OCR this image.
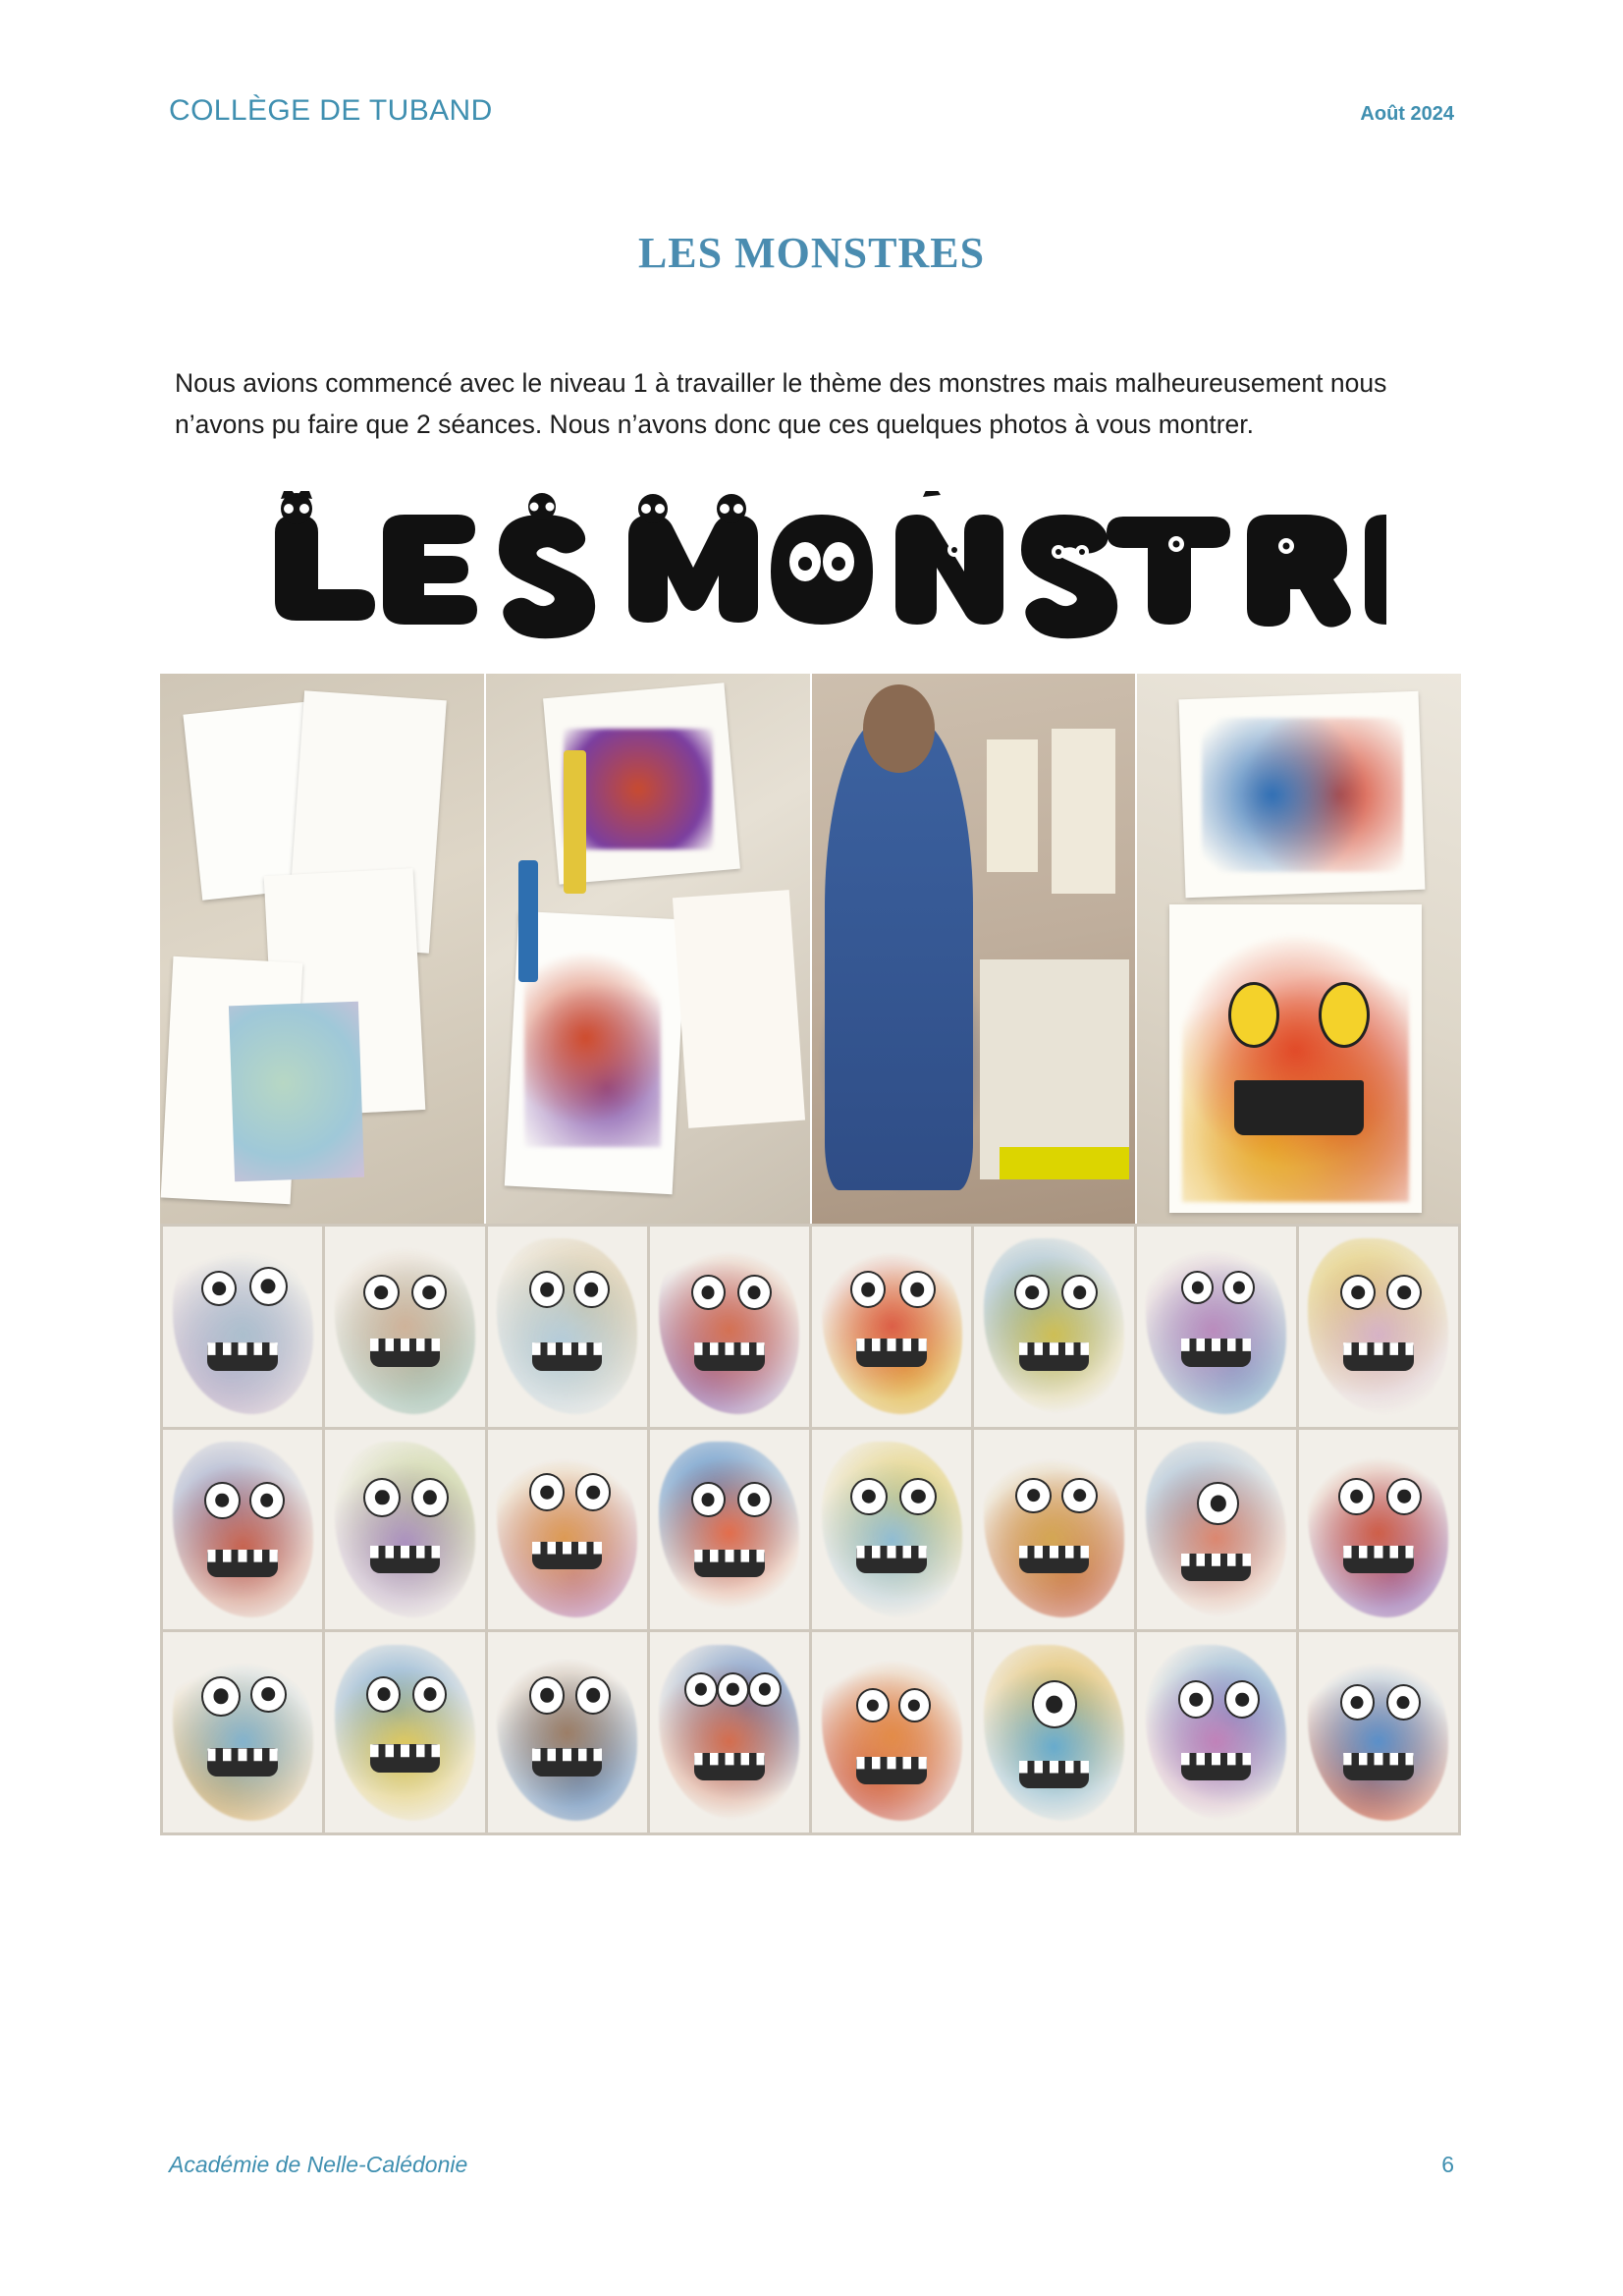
COLLÈGE DE TUBAND	Août 2024
LES MONSTRES

Nous avions commencé avec le niveau 1 à travailler le thème des monstres mais malheureusement nous n’avons pu faire que 2 séances. Nous n’avons donc que ces quelques photos à vous montrer.

Académie de Nelle-Calédonie	6
